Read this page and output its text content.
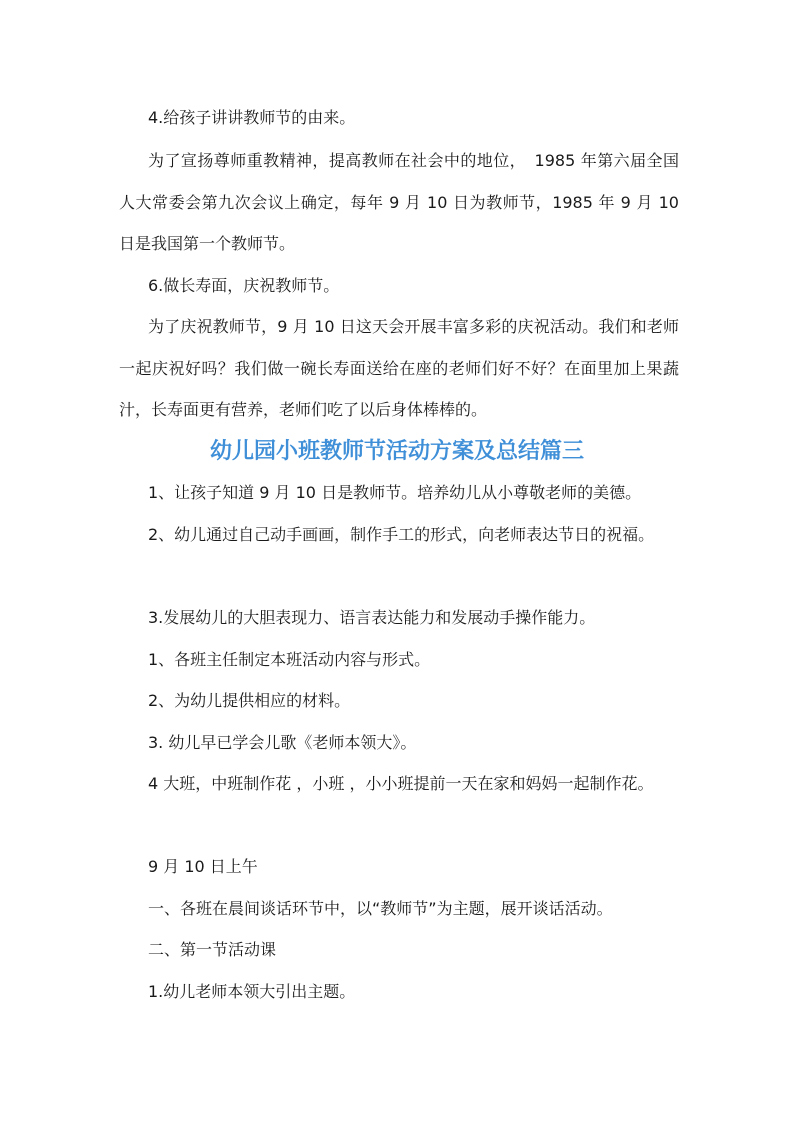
4.给孩子讲讲教师节的由来。

为了宣扬尊师重教精神，提高教师在社会中的地位，　1985 年第六届全国人大常委会第九次会议上确定，每年 9 月 10 日为教师节，1985 年 9 月 10 日是我国第一个教师节。

6.做长寿面，庆祝教师节。

为了庆祝教师节，9 月 10 日这天会开展丰富多彩的庆祝活动。我们和老师一起庆祝好吗？我们做一碗长寿面送给在座的老师们好不好？在面里加上果蔬汁，长寿面更有营养，老师们吃了以后身体棒棒的。

幼儿园小班教师节活动方案及总结篇三

1、让孩子知道 9 月 10 日是教师节。培养幼儿从小尊敬老师的美德。

2、幼儿通过自己动手画画，制作手工的形式，向老师表达节日的祝福。

3.发展幼儿的大胆表现力、语言表达能力和发展动手操作能力。

1、各班主任制定本班活动内容与形式。

2、为幼儿提供相应的材料。

3. 幼儿早已学会儿歌《老师本领大》。

4 大班，中班制作花 ，小班 ，小小班提前一天在家和妈妈一起制作花。

9 月 10 日上午

一、各班在晨间谈话环节中，以“教师节”为主题，展开谈话活动。

二、第一节活动课

1.幼儿老师本领大引出主题。
